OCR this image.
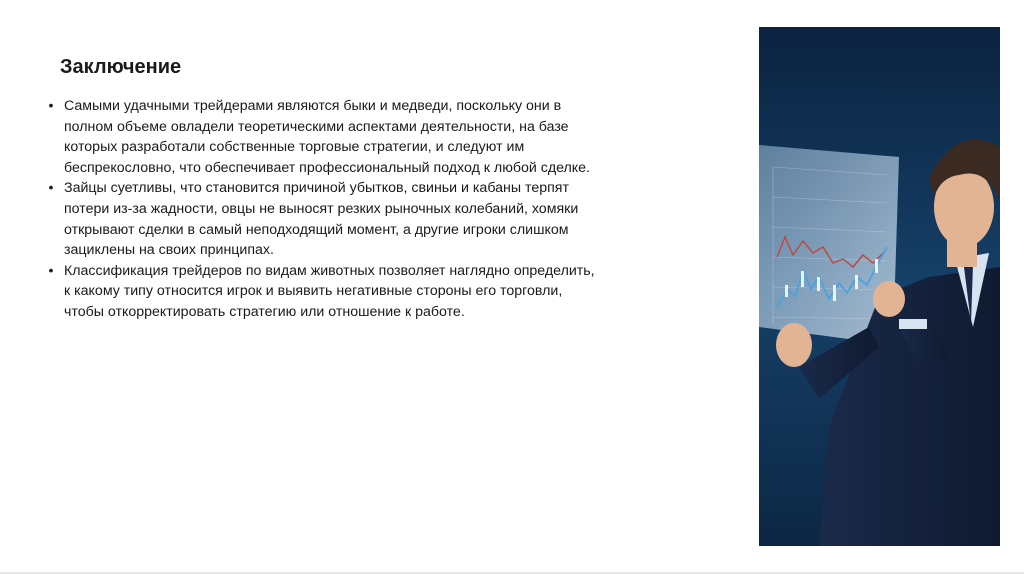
Заключение
• Самыми удачными трейдерами являются быки и медведи, поскольку они в полном объеме овладели теоретическими аспектами деятельности, на базе которых разработали собственные торговые стратегии, и следуют им беспрекословно, что обеспечивает профессиональный подход к любой сделке.
• Зайцы суетливы, что становится причиной убытков, свиньи и кабаны терпят потери из-за жадности, овцы не выносят резких рыночных колебаний, хомяки открывают сделки в самый неподходящий момент, а другие игроки слишком зациклены на своих принципах.
• Классификация трейдеров по видам животных позволяет наглядно определить, к какому типу относится игрок и выявить негативные стороны его торговли, чтобы откорректировать стратегию или отношение к работе.
